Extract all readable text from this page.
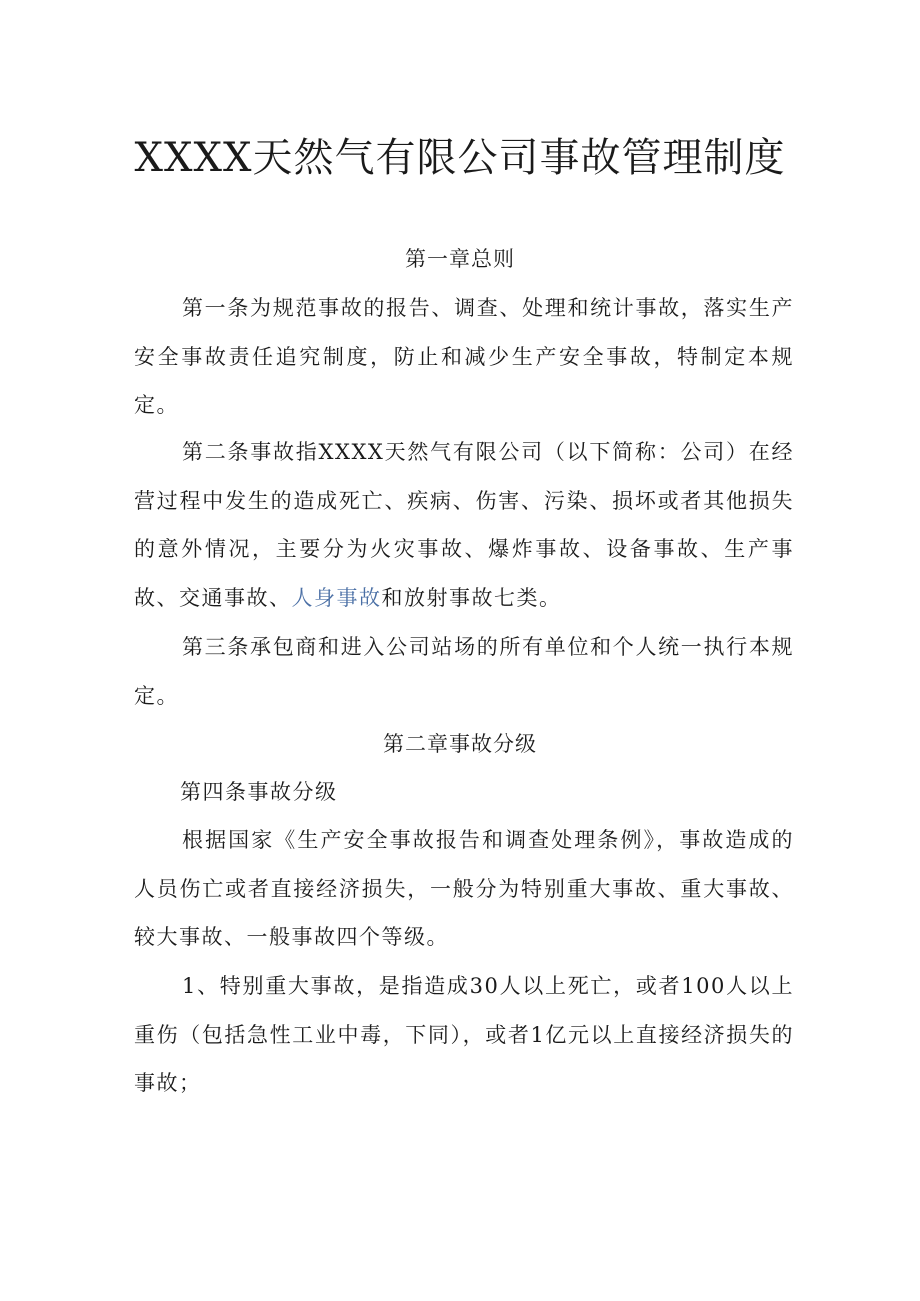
XXXX天然气有限公司事故管理制度
第一章总则

第一条为规范事故的报告、调查、处理和统计事故，落实生产安全事故责任追究制度，防止和减少生产安全事故，特制定本规定。

第二条事故指XXXX天然气有限公司（以下简称：公司）在经营过程中发生的造成死亡、疾病、伤害、污染、损坏或者其他损失的意外情况，主要分为火灾事故、爆炸事故、设备事故、生产事故、交通事故、人身事故和放射事故七类。

第三条承包商和进入公司站场的所有单位和个人统一执行本规定。

第二章事故分级

第四条事故分级

根据国家《生产安全事故报告和调查处理条例》，事故造成的人员伤亡或者直接经济损失，一般分为特别重大事故、重大事故、较大事故、一般事故四个等级。

1、特别重大事故，是指造成30人以上死亡，或者100人以上重伤（包括急性工业中毒，下同），或者1亿元以上直接经济损失的事故；
